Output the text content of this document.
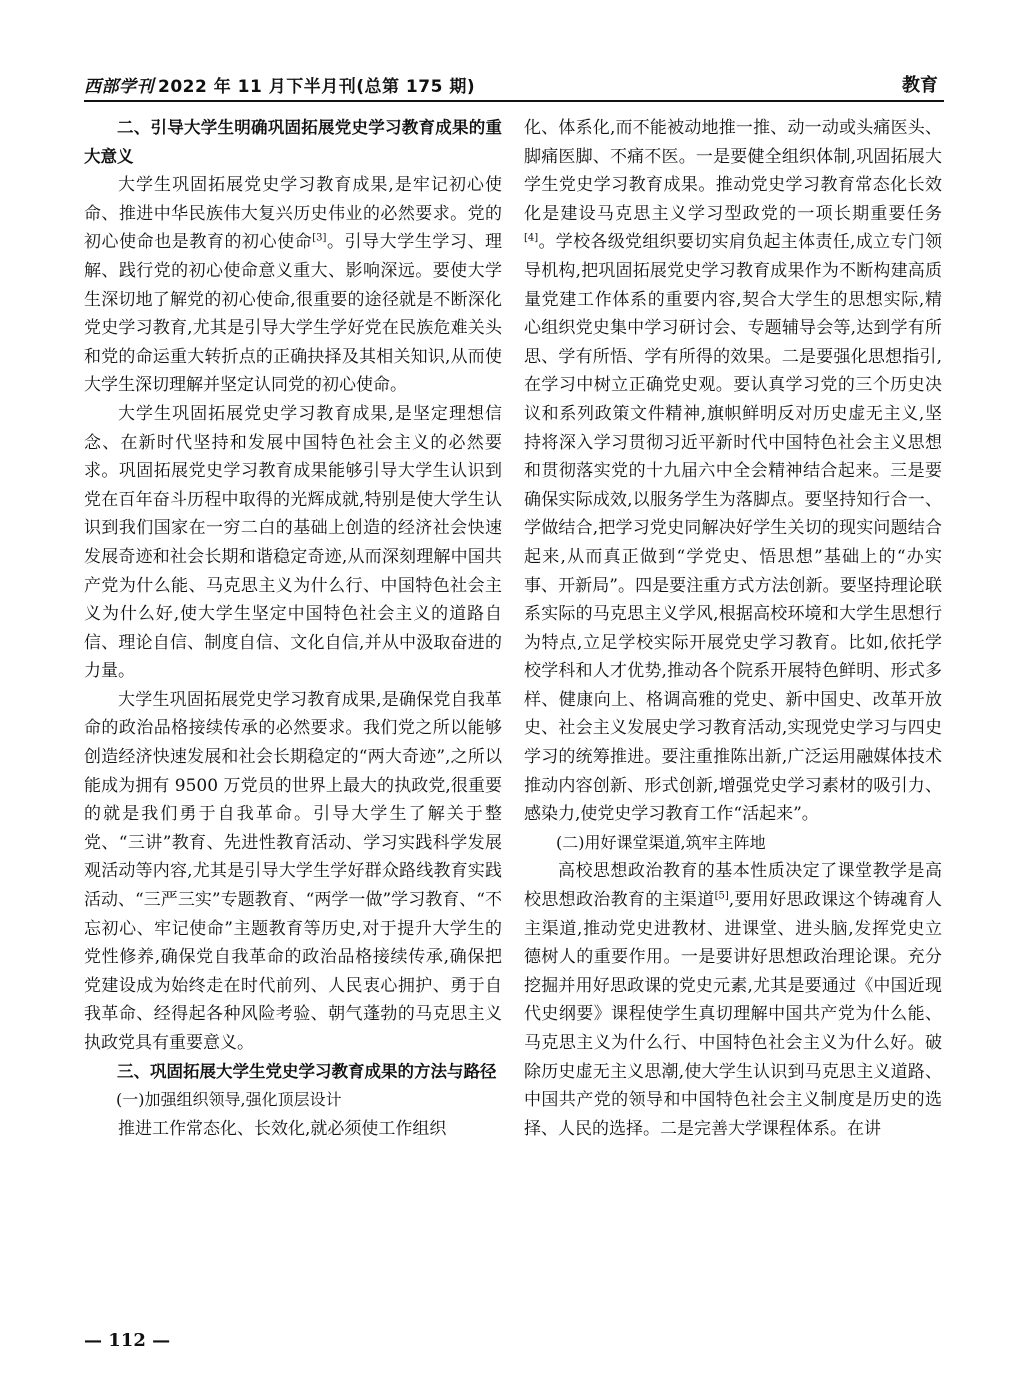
西部学刊 2022 年 11 月下半月刊(总第 175 期)	教育

二、引导大学生明确巩固拓展党史学习教育成果的重大意义

大学生巩固拓展党史学习教育成果,是牢记初心使命、推进中华民族伟大复兴历史伟业的必然要求。党的初心使命也是教育的初心使命[3]。引导大学生学习、理解、践行党的初心使命意义重大、影响深远。要使大学生深切地了解党的初心使命,很重要的途径就是不断深化党史学习教育,尤其是引导大学生学好党在民族危难关头和党的命运重大转折点的正确抉择及其相关知识,从而使大学生深切理解并坚定认同党的初心使命。

大学生巩固拓展党史学习教育成果,是坚定理想信念、在新时代坚持和发展中国特色社会主义的必然要求。巩固拓展党史学习教育成果能够引导大学生认识到党在百年奋斗历程中取得的光辉成就,特别是使大学生认识到我们国家在一穷二白的基础上创造的经济社会快速发展奇迹和社会长期和谐稳定奇迹,从而深刻理解中国共产党为什么能、马克思主义为什么行、中国特色社会主义为什么好,使大学生坚定中国特色社会主义的道路自信、理论自信、制度自信、文化自信,并从中汲取奋进的力量。

大学生巩固拓展党史学习教育成果,是确保党自我革命的政治品格接续传承的必然要求。我们党之所以能够创造经济快速发展和社会长期稳定的“两大奇迹”,之所以能成为拥有 9500 万党员的世界上最大的执政党,很重要的就是我们勇于自我革命。引导大学生了解关于整党、“三讲”教育、先进性教育活动、学习实践科学发展观活动等内容,尤其是引导大学生学好群众路线教育实践活动、“三严三实”专题教育、“两学一做”学习教育、“不忘初心、牢记使命”主题教育等历史,对于提升大学生的党性修养,确保党自我革命的政治品格接续传承,确保把党建设成为始终走在时代前列、人民衷心拥护、勇于自我革命、经得起各种风险考验、朝气蓬勃的马克思主义执政党具有重要意义。

三、巩固拓展大学生党史学习教育成果的方法与路径

(一)加强组织领导,强化顶层设计

推进工作常态化、长效化,就必须使工作组织

化、体系化,而不能被动地推一推、动一动或头痛医头、脚痛医脚、不痛不医。一是要健全组织体制,巩固拓展大学生党史学习教育成果。推动党史学习教育常态化长效化是建设马克思主义学习型政党的一项长期重要任务[4]。学校各级党组织要切实肩负起主体责任,成立专门领导机构,把巩固拓展党史学习教育成果作为不断构建高质量党建工作体系的重要内容,契合大学生的思想实际,精心组织党史集中学习研讨会、专题辅导会等,达到学有所思、学有所悟、学有所得的效果。二是要强化思想指引,在学习中树立正确党史观。要认真学习党的三个历史决议和系列政策文件精神,旗帜鲜明反对历史虚无主义,坚持将深入学习贯彻习近平新时代中国特色社会主义思想和贯彻落实党的十九届六中全会精神结合起来。三是要确保实际成效,以服务学生为落脚点。要坚持知行合一、学做结合,把学习党史同解决好学生关切的现实问题结合起来,从而真正做到“学党史、悟思想”基础上的“办实事、开新局”。四是要注重方式方法创新。要坚持理论联系实际的马克思主义学风,根据高校环境和大学生思想行为特点,立足学校实际开展党史学习教育。比如,依托学校学科和人才优势,推动各个院系开展特色鲜明、形式多样、健康向上、格调高雅的党史、新中国史、改革开放史、社会主义发展史学习教育活动,实现党史学习与四史学习的统筹推进。要注重推陈出新,广泛运用融媒体技术推动内容创新、形式创新,增强党史学习素材的吸引力、感染力,使党史学习教育工作“活起来”。

(二)用好课堂渠道,筑牢主阵地

高校思想政治教育的基本性质决定了课堂教学是高校思想政治教育的主渠道[5],要用好思政课这个铸魂育人主渠道,推动党史进教材、进课堂、进头脑,发挥党史立德树人的重要作用。一是要讲好思想政治理论课。充分挖掘并用好思政课的党史元素,尤其是要通过《中国近现代史纲要》课程使学生真切理解中国共产党为什么能、马克思主义为什么行、中国特色社会主义为什么好。破除历史虚无主义思潮,使大学生认识到马克思主义道路、中国共产党的领导和中国特色社会主义制度是历史的选择、人民的选择。二是完善大学课程体系。在讲

— 112 —
